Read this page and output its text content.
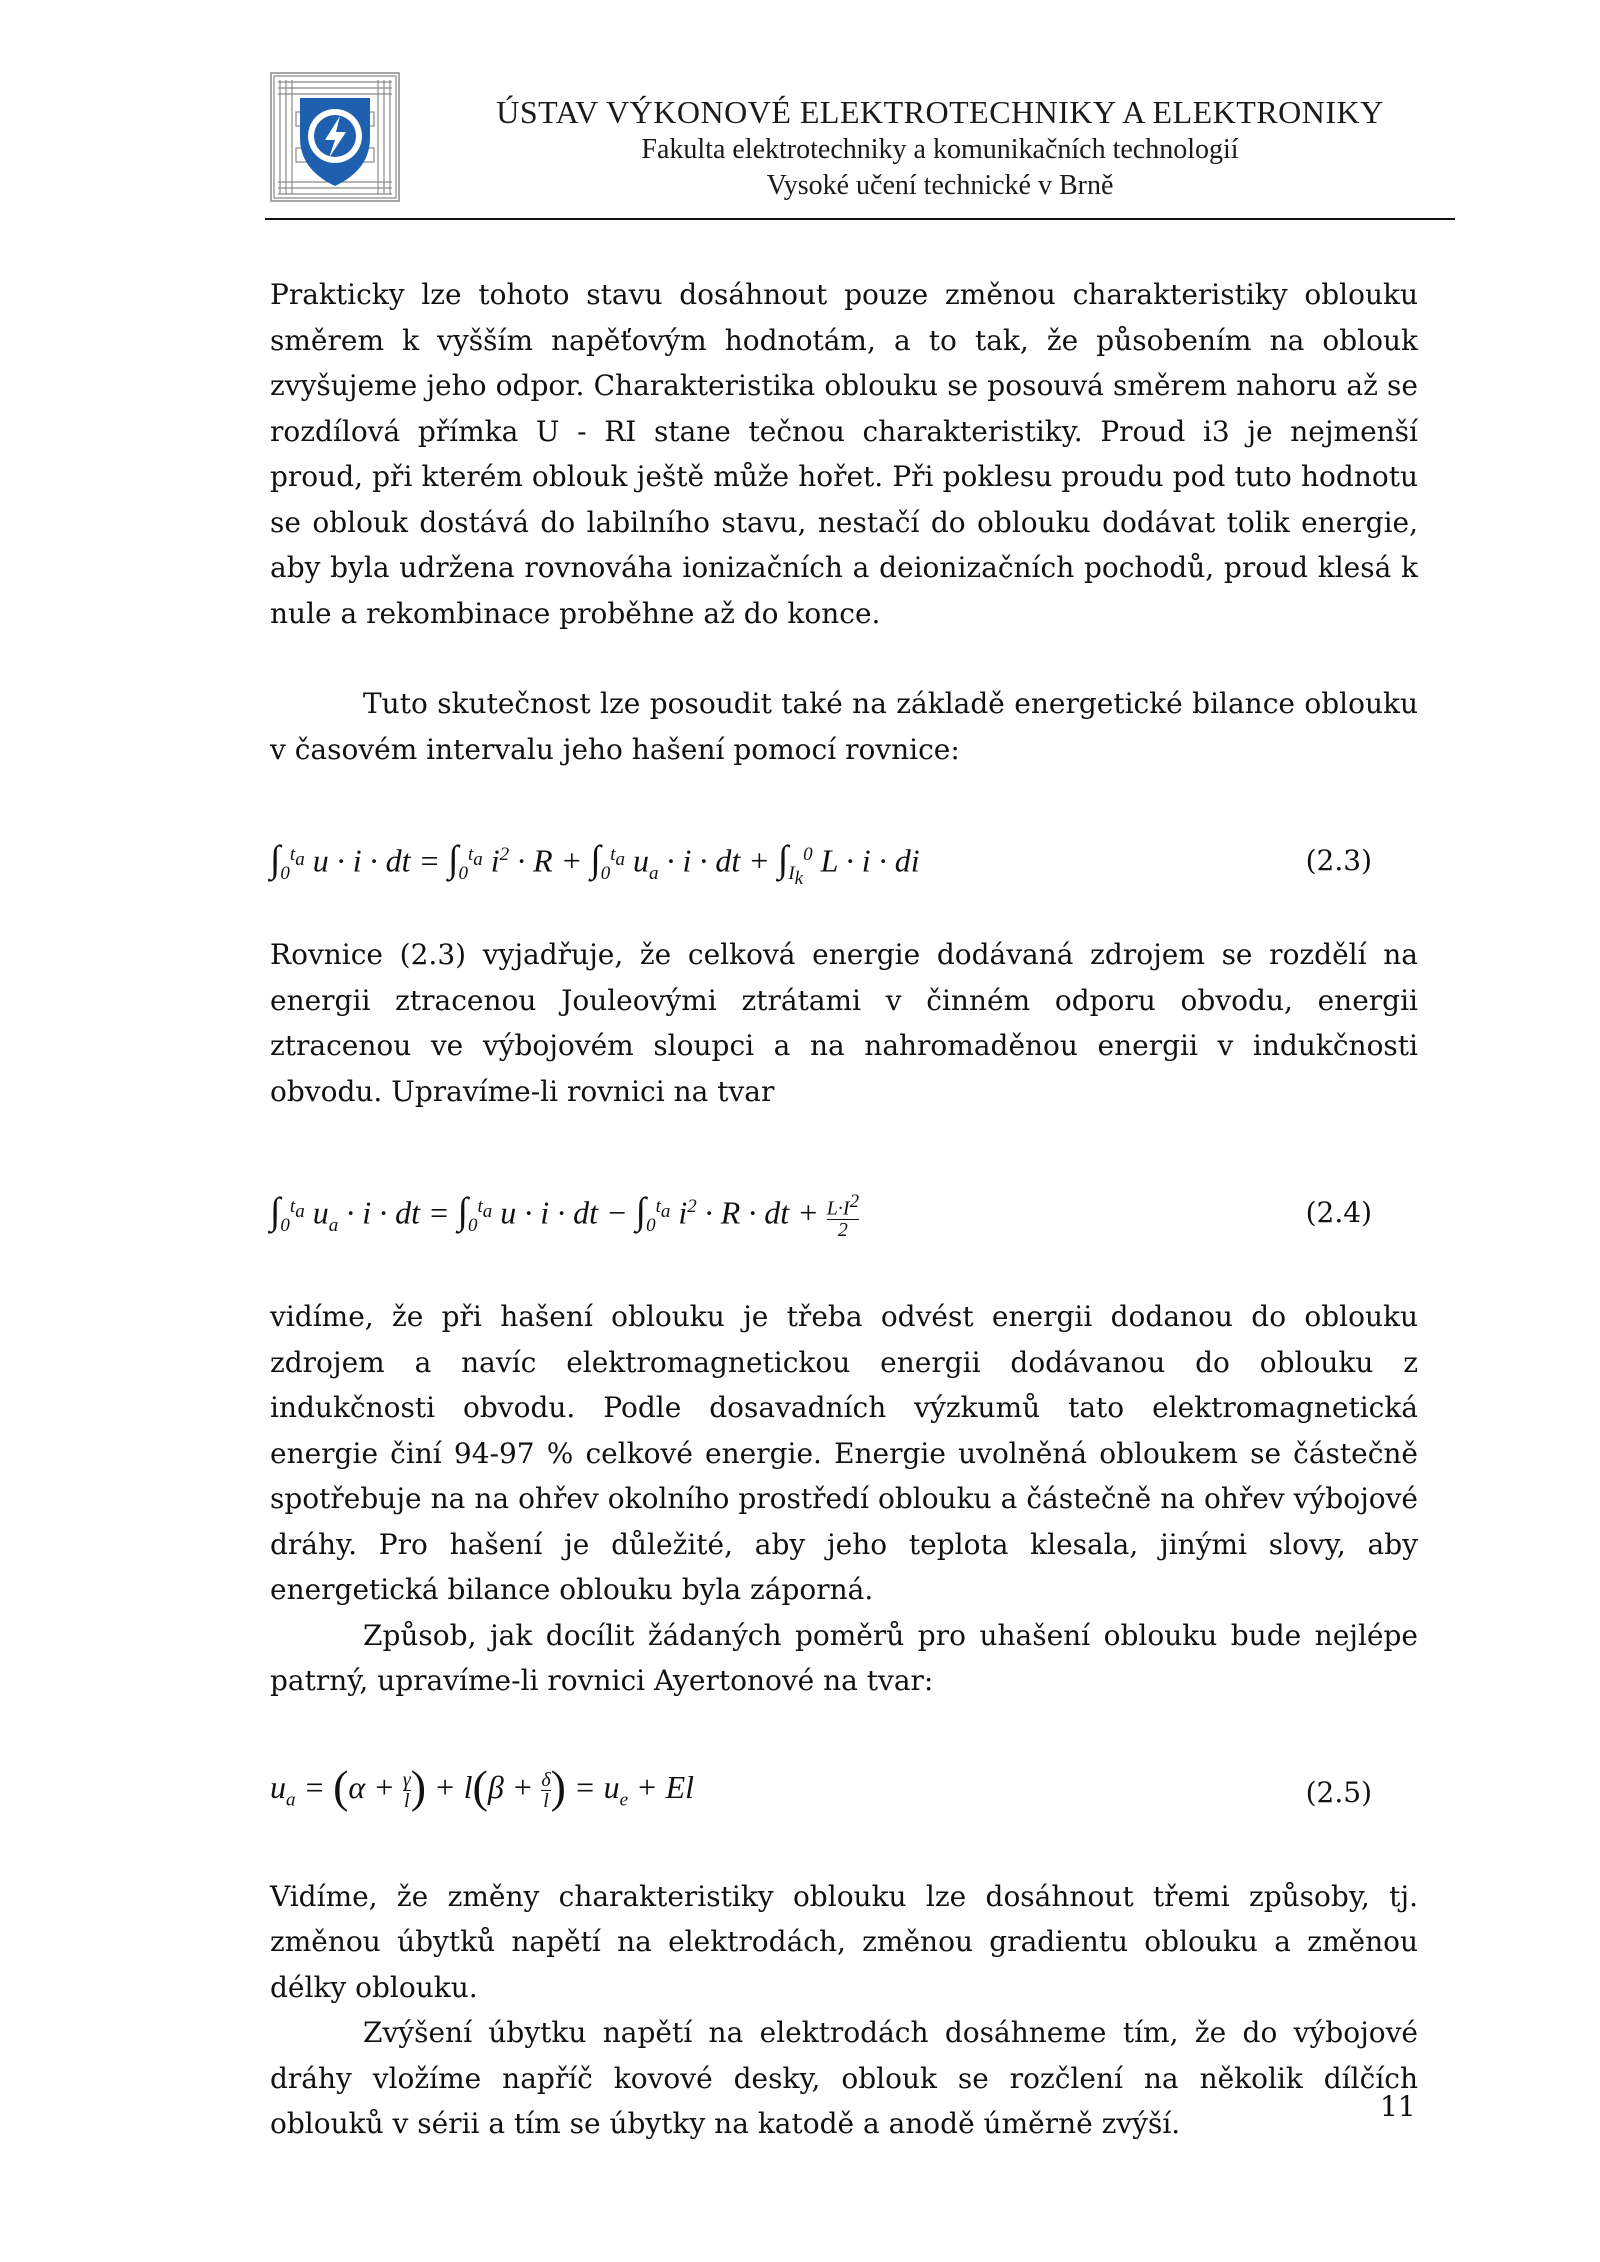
ÚSTAV VÝKONOVÉ ELEKTROTECHNIKY A ELEKTRONIKY
Fakulta elektrotechniky a komunikačních technologií
Vysoké učení technické v Brně

Prakticky lze tohoto stavu dosáhnout pouze změnou charakteristiky oblouku směrem k vyšším napěťovým hodnotám, a to tak, že působením na oblouk zvyšujeme jeho odpor. Charakteristika oblouku se posouvá směrem nahoru až se rozdílová přímka U - RI stane tečnou charakteristiky. Proud i3 je nejmenší proud, při kterém oblouk ještě může hořet. Při poklesu proudu pod tuto hodnotu se oblouk dostává do labilního stavu, nestačí do oblouku dodávat tolik energie, aby byla udržena rovnováha ionizačních a deionizačních pochodů, proud klesá k nule a rekombinace proběhne až do konce.

Tuto skutečnost lze posoudit také na základě energetické bilance oblouku v časovém intervalu jeho hašení pomocí rovnice:

$\int_0^{t_a}$ u · i · dt = $\int_0^{t_a}$ $i^2 \cdot R + \int_0^{t_a}$ $u_a \cdot i$ · dt + $\int_{I_k}^0$ L · i · di	(2.3)

Rovnice (2.3) vyjadřuje, že celková energie dodávaná zdrojem se rozdělí na energii ztracenou Jouleovými ztrátami v činném odporu obvodu, energii ztracenou ve výbojovém sloupci a na nahromaděnou energii v indukčnosti obvodu. Upravíme-li rovnici na tvar

$\int_0^{t_a}$ $u_a \cdot i$ · dt = $\int_0^{t_a}$ u · i · dt − $\int_0^{t_a}$ $i^2 \cdot R$ · dt + $\frac{L\cdot I^2}{2}$	(2.4)

vidíme, že při hašení oblouku je třeba odvést energii dodanou do oblouku zdrojem a navíc elektromagnetickou energii dodávanou do oblouku z indukčnosti obvodu. Podle dosavadních výzkumů tato elektromagnetická energie činí 94-97 % celkové energie. Energie uvolněná obloukem se částečně spotřebuje na na ohřev okolního prostředí oblouku a částečně na ohřev výbojové dráhy. Pro hašení je důležité, aby jeho teplota klesala, jinými slovy, aby energetická bilance oblouku byla záporná.

Způsob, jak docílit žádaných poměrů pro uhašení oblouku bude nejlépe patrný, upravíme-li rovnici Ayertonové na tvar:

$u_a = (\alpha + \frac{\gamma}{l}$ ) + $l(\beta + \frac{\delta}{l}$ ) = $u_e + El$	(2.5)

Vidíme, že změny charakteristiky oblouku lze dosáhnout třemi způsoby, tj. změnou úbytků napětí na elektrodách, změnou gradientu oblouku a změnou délky oblouku.

Zvýšení úbytku napětí na elektrodách dosáhneme tím, že do výbojové dráhy vložíme napříč kovové desky, oblouk se rozčlení na několik dílčích oblouků v sérii a tím se úbytky na katodě a anodě úměrně zvýší.

11
